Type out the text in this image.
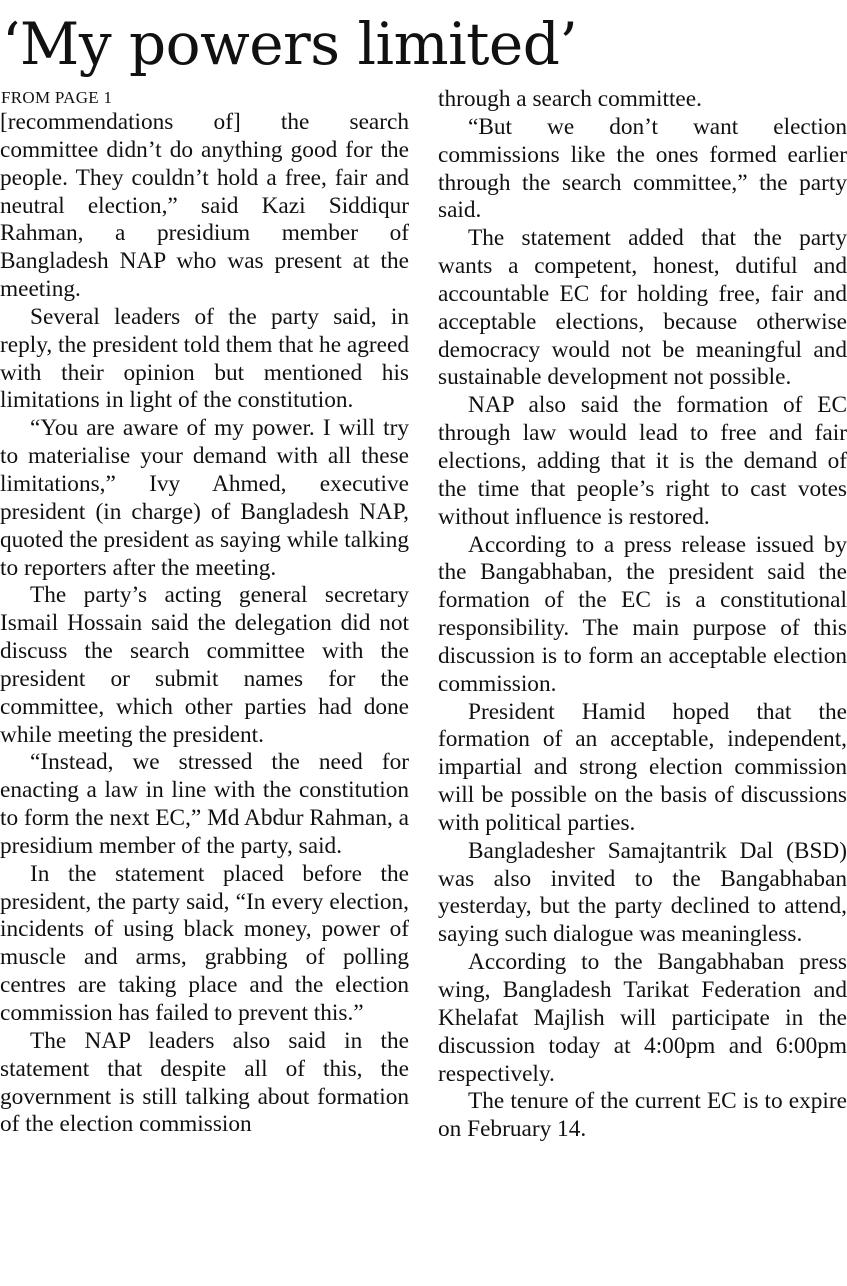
‘My powers limited’
FROM PAGE 1

[recommendations of] the search committee didn’t do anything good for the people. They couldn’t hold a free, fair and neutral election,” said Kazi Siddiqur Rahman, a presidium member of Bangladesh NAP who was present at the meeting.

Several leaders of the party said, in reply, the president told them that he agreed with their opinion but mentioned his limitations in light of the constitution.

“You are aware of my power. I will try to materialise your demand with all these limitations,” Ivy Ahmed, executive president (in charge) of Bangladesh NAP, quoted the president as saying while talking to reporters after the meeting.

The party’s acting general secretary Ismail Hossain said the delegation did not discuss the search committee with the president or submit names for the committee, which other parties had done while meeting the president.

“Instead, we stressed the need for enacting a law in line with the constitution to form the next EC,” Md Abdur Rahman, a presidium member of the party, said.

In the statement placed before the president, the party said, “In every election, incidents of using black money, power of muscle and arms, grabbing of polling centres are taking place and the election commission has failed to prevent this.”

The NAP leaders also said in the statement that despite all of this, the government is still talking about formation of the election commission

through a search committee.

“But we don’t want election commissions like the ones formed earlier through the search committee,” the party said.

The statement added that the party wants a competent, honest, dutiful and accountable EC for holding free, fair and acceptable elections, because otherwise democracy would not be meaningful and sustainable development not possible.

NAP also said the formation of EC through law would lead to free and fair elections, adding that it is the demand of the time that people’s right to cast votes without influence is restored.

According to a press release issued by the Bangabhaban, the president said the formation of the EC is a constitutional responsibility. The main purpose of this discussion is to form an acceptable election commission.

President Hamid hoped that the formation of an acceptable, independent, impartial and strong election commission will be possible on the basis of discussions with political parties.

Bangladesher Samajtantrik Dal (BSD) was also invited to the Bangabhaban yesterday, but the party declined to attend, saying such dialogue was meaningless.

According to the Bangabhaban press wing, Bangladesh Tarikat Federation and Khelafat Majlish will participate in the discussion today at 4:00pm and 6:00pm respectively.

The tenure of the current EC is to expire on February 14.
